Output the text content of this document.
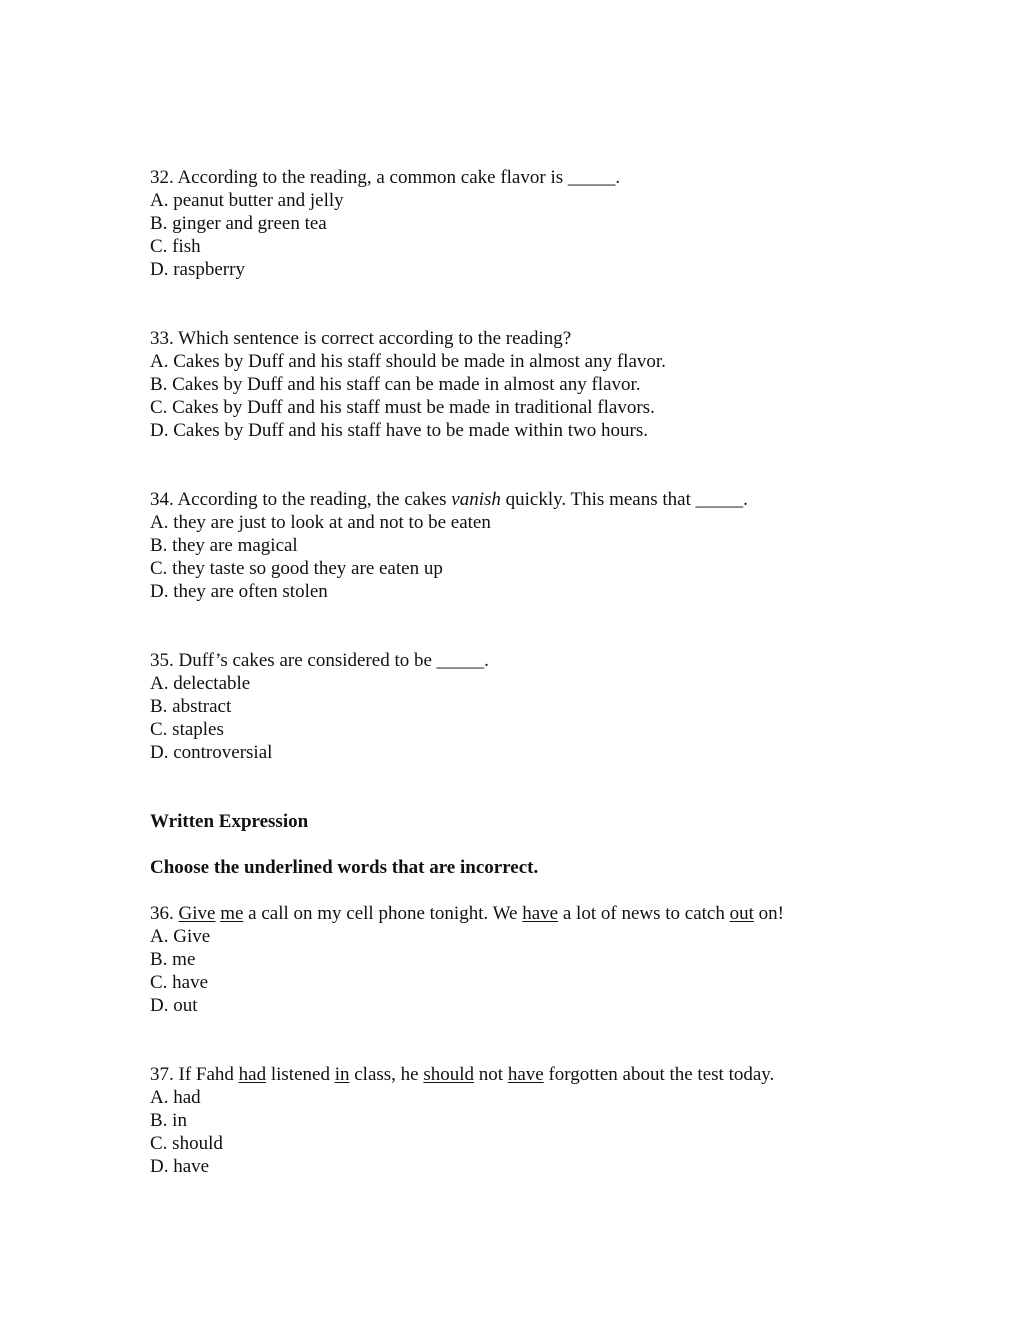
32. According to the reading, a common cake flavor is _____.

A. peanut butter and jelly

B. ginger and green tea

C. fish

D. raspberry

33. Which sentence is correct according to the reading?

A. Cakes by Duff and his staff should be made in almost any flavor.

B. Cakes by Duff and his staff can be made in almost any flavor.

C. Cakes by Duff and his staff must be made in traditional flavors.

D. Cakes by Duff and his staff have to be made within two hours.

34. According to the reading, the cakes vanish quickly. This means that _____.

A. they are just to look at and not to be eaten

B. they are magical

C. they taste so good they are eaten up

D. they are often stolen

35. Duff’s cakes are considered to be _____.

A. delectable

B. abstract

C. staples

D. controversial

Written Expression

Choose the underlined words that are incorrect.

36. Give me a call on my cell phone tonight. We have a lot of news to catch out on!

A. Give

B. me

C. have

D. out

37. If Fahd had listened in class, he should not have forgotten about the test today.

A. had

B. in

C. should

D. have
